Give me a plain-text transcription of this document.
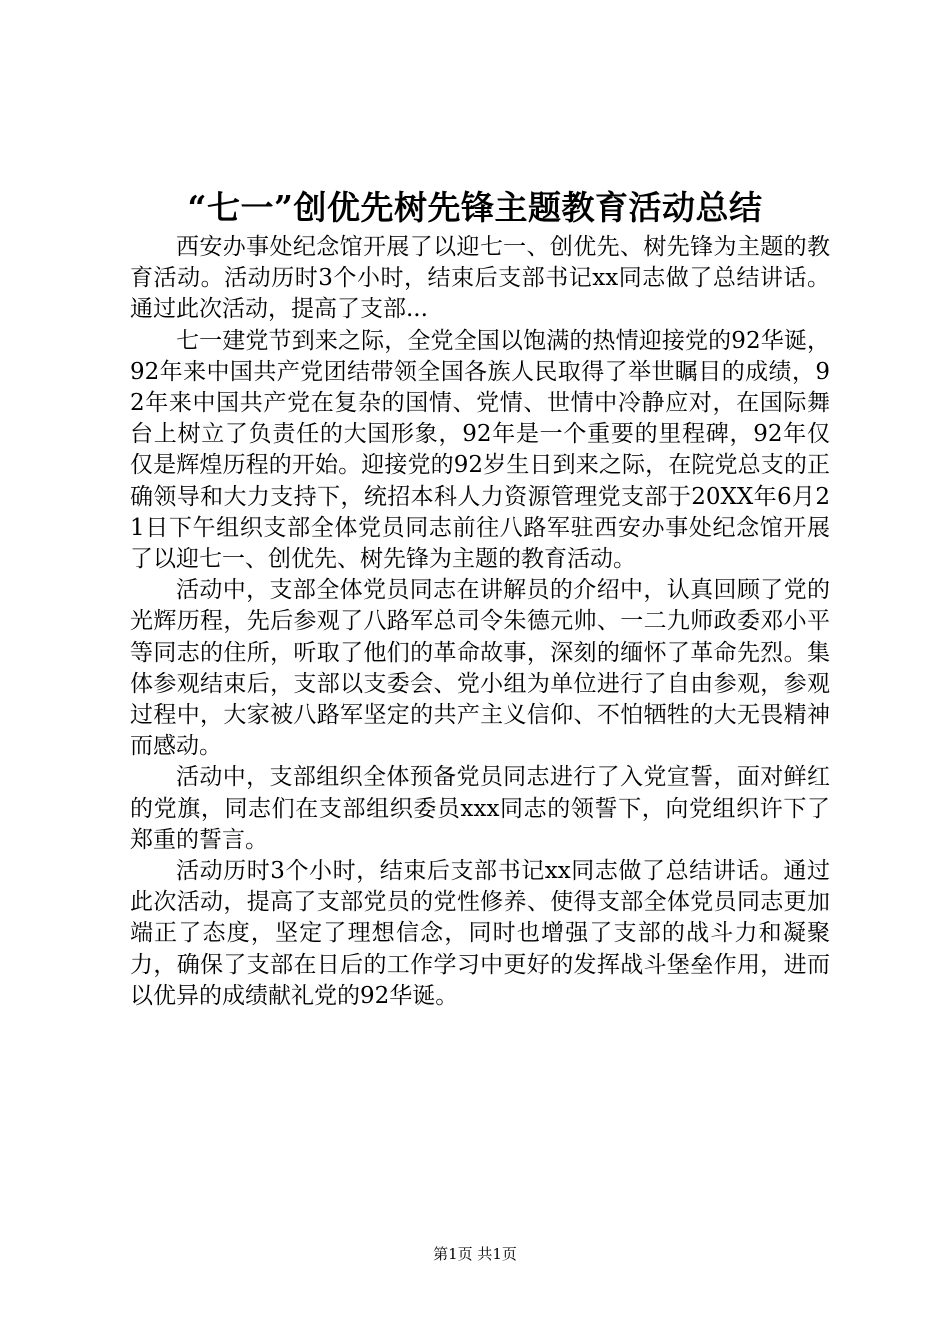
“七一”创优先树先锋主题教育活动总结

西安办事处纪念馆开展了以迎七一、创优先、树先锋为主题的教育活动。活动历时3个小时，结束后支部书记xx同志做了总结讲话。通过此次活动，提高了支部...

七一建党节到来之际，全党全国以饱满的热情迎接党的92华诞，92年来中国共产党团结带领全国各族人民取得了举世瞩目的成绩，92年来中国共产党在复杂的国情、党情、世情中冷静应对，在国际舞台上树立了负责任的大国形象，92年是一个重要的里程碑，92年仅仅是辉煌历程的开始。迎接党的92岁生日到来之际，在院党总支的正确领导和大力支持下，统招本科人力资源管理党支部于20XX年6月21日下午组织支部全体党员同志前往八路军驻西安办事处纪念馆开展了以迎七一、创优先、树先锋为主题的教育活动。

活动中，支部全体党员同志在讲解员的介绍中，认真回顾了党的光辉历程，先后参观了八路军总司令朱德元帅、一二九师政委邓小平等同志的住所，听取了他们的革命故事，深刻的缅怀了革命先烈。集体参观结束后，支部以支委会、党小组为单位进行了自由参观，参观过程中，大家被八路军坚定的共产主义信仰、不怕牺牲的大无畏精神而感动。

活动中，支部组织全体预备党员同志进行了入党宣誓，面对鲜红的党旗，同志们在支部组织委员xxx同志的领誓下，向党组织许下了郑重的誓言。

活动历时3个小时，结束后支部书记xx同志做了总结讲话。通过此次活动，提高了支部党员的党性修养、使得支部全体党员同志更加端正了态度，坚定了理想信念，同时也增强了支部的战斗力和凝聚力，确保了支部在日后的工作学习中更好的发挥战斗堡垒作用，进而以优异的成绩献礼党的92华诞。

第1页 共1页
